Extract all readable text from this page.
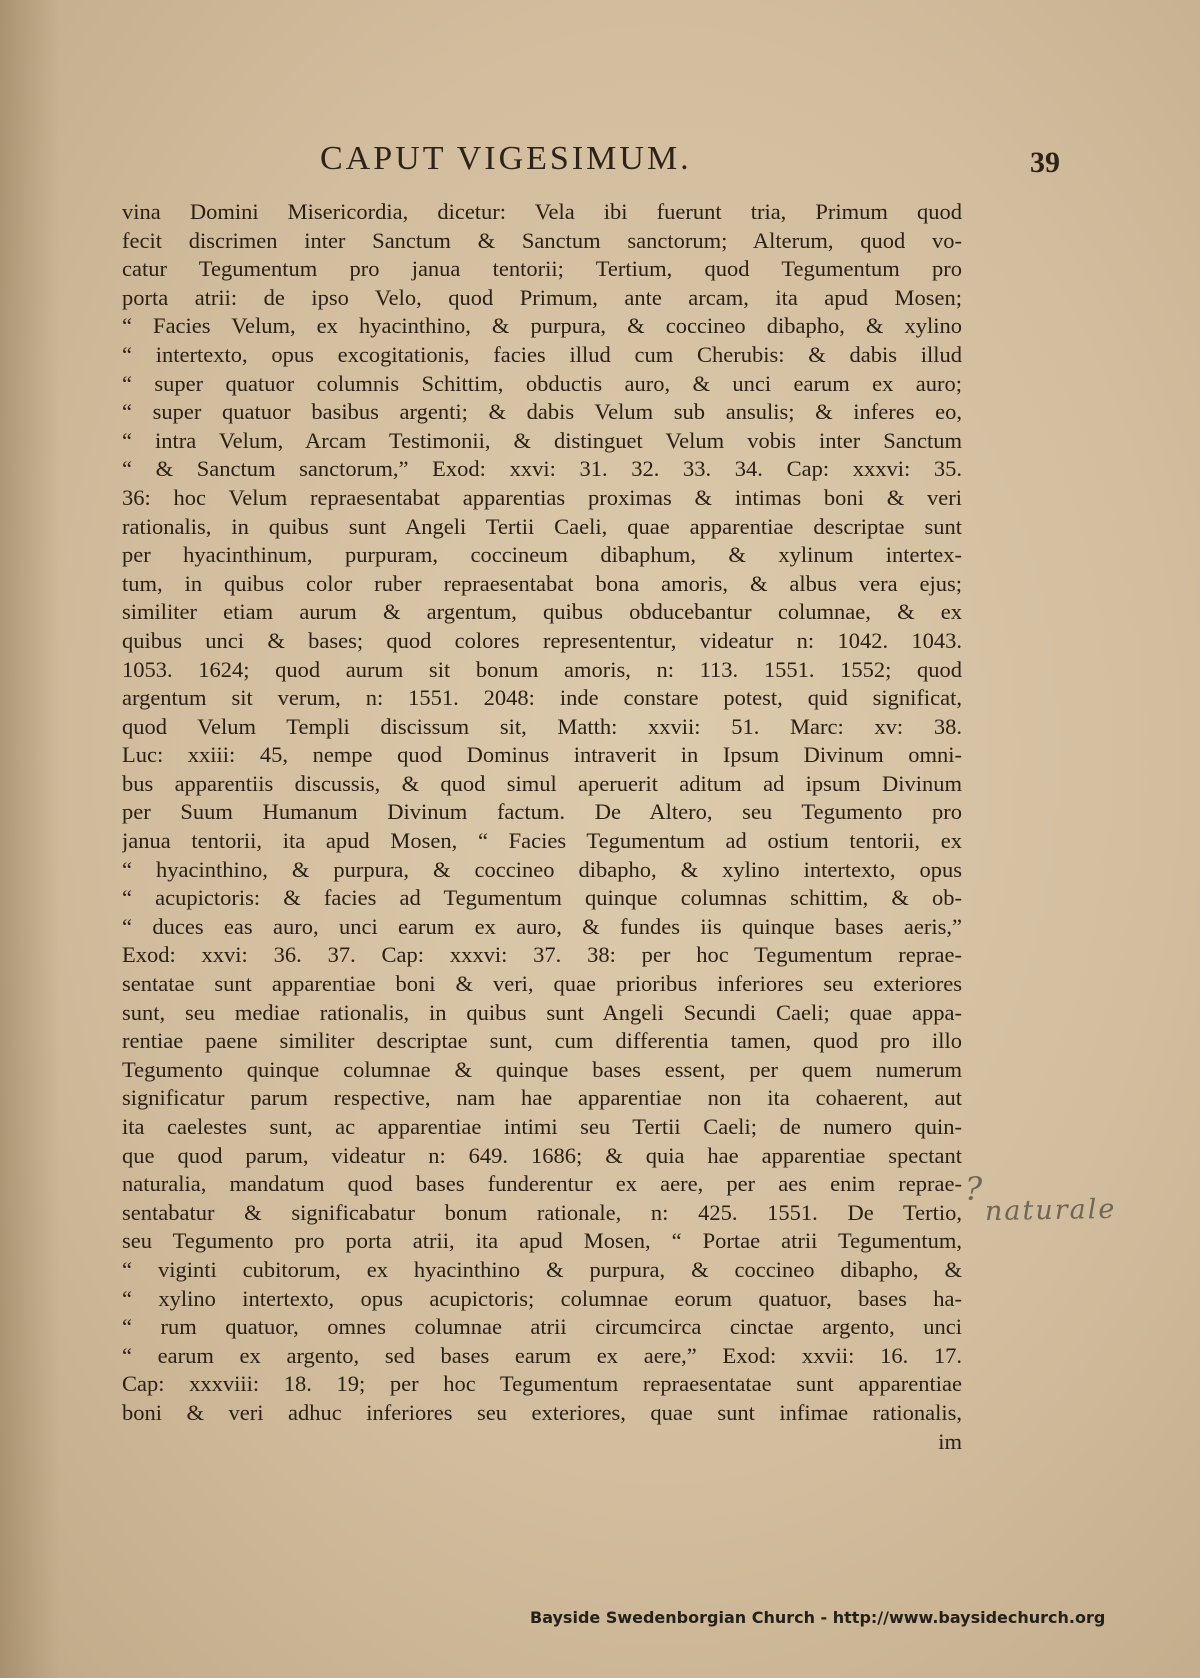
CAPUT VIGESIMUM.	39
vina Domini Misericordia, dicetur: Vela ibi fuerunt tria, Primum quod
fecit discrimen inter Sanctum & Sanctum sanctorum; Alterum, quod vo-
catur Tegumentum pro janua tentorii; Tertium, quod Tegumentum pro
porta atrii: de ipso Velo, quod Primum, ante arcam, ita apud Mosen;
“ Facies Velum, ex hyacinthino, & purpura, & coccineo dibapho, & xylino
“ intertexto, opus excogitationis, facies illud cum Cherubis: & dabis illud
“ super quatuor columnis Schittim, obductis auro, & unci earum ex auro;
“ super quatuor basibus argenti; & dabis Velum sub ansulis; & inferes eo,
“ intra Velum, Arcam Testimonii, & distinguet Velum vobis inter Sanctum
“ & Sanctum sanctorum,” Exod: xxvi: 31. 32. 33. 34. Cap: xxxvi: 35.
36: hoc Velum repraesentabat apparentias proximas & intimas boni & veri
rationalis, in quibus sunt Angeli Tertii Caeli, quae apparentiae descriptae sunt
per hyacinthinum, purpuram, coccineum dibaphum, & xylinum intertex-
tum, in quibus color ruber repraesentabat bona amoris, & albus vera ejus;
similiter etiam aurum & argentum, quibus obducebantur columnae, & ex
quibus unci & bases; quod colores represententur, videatur n: 1042. 1043.
1053. 1624; quod aurum sit bonum amoris, n: 113. 1551. 1552; quod
argentum sit verum, n: 1551. 2048: inde constare potest, quid significat,
quod Velum Templi discissum sit, Matth: xxvii: 51. Marc: xv: 38.
Luc: xxiii: 45, nempe quod Dominus intraverit in Ipsum Divinum omni-
bus apparentiis discussis, & quod simul aperuerit aditum ad ipsum Divinum
per Suum Humanum Divinum factum. De Altero, seu Tegumento pro
janua tentorii, ita apud Mosen, “ Facies Tegumentum ad ostium tentorii, ex
“ hyacinthino, & purpura, & coccineo dibapho, & xylino intertexto, opus
“ acupictoris: & facies ad Tegumentum quinque columnas schittim, & ob-
“ duces eas auro, unci earum ex auro, & fundes iis quinque bases aeris,”
Exod: xxvi: 36. 37. Cap: xxxvi: 37. 38: per hoc Tegumentum reprae-
sentatae sunt apparentiae boni & veri, quae prioribus inferiores seu exteriores
sunt, seu mediae rationalis, in quibus sunt Angeli Secundi Caeli; quae appa-
rentiae paene similiter descriptae sunt, cum differentia tamen, quod pro illo
Tegumento quinque columnae & quinque bases essent, per quem numerum
significatur parum respective, nam hae apparentiae non ita cohaerent, aut
ita caelestes sunt, ac apparentiae intimi seu Tertii Caeli; de numero quin-
que quod parum, videatur n: 649. 1686; & quia hae apparentiae spectant
naturalia, mandatum quod bases funderentur ex aere, per aes enim reprae-
sentabatur & significabatur bonum rationale, n: 425. 1551. De Tertio,
seu Tegumento pro porta atrii, ita apud Mosen, “ Portae atrii Tegumentum,
“ viginti cubitorum, ex hyacinthino & purpura, & coccineo dibapho, &
“ xylino intertexto, opus acupictoris; columnae eorum quatuor, bases ha-
“ rum quatuor, omnes columnae atrii circumcirca cinctae argento, unci
“ earum ex argento, sed bases earum ex aere,” Exod: xxvii: 16. 17.
Cap: xxxviii: 18. 19; per hoc Tegumentum repraesentatae sunt apparentiae
boni & veri adhuc inferiores seu exteriores, quae sunt infimae rationalis,
im
?
naturale
Bayside Swedenborgian Church - http://www.baysidechurch.org
